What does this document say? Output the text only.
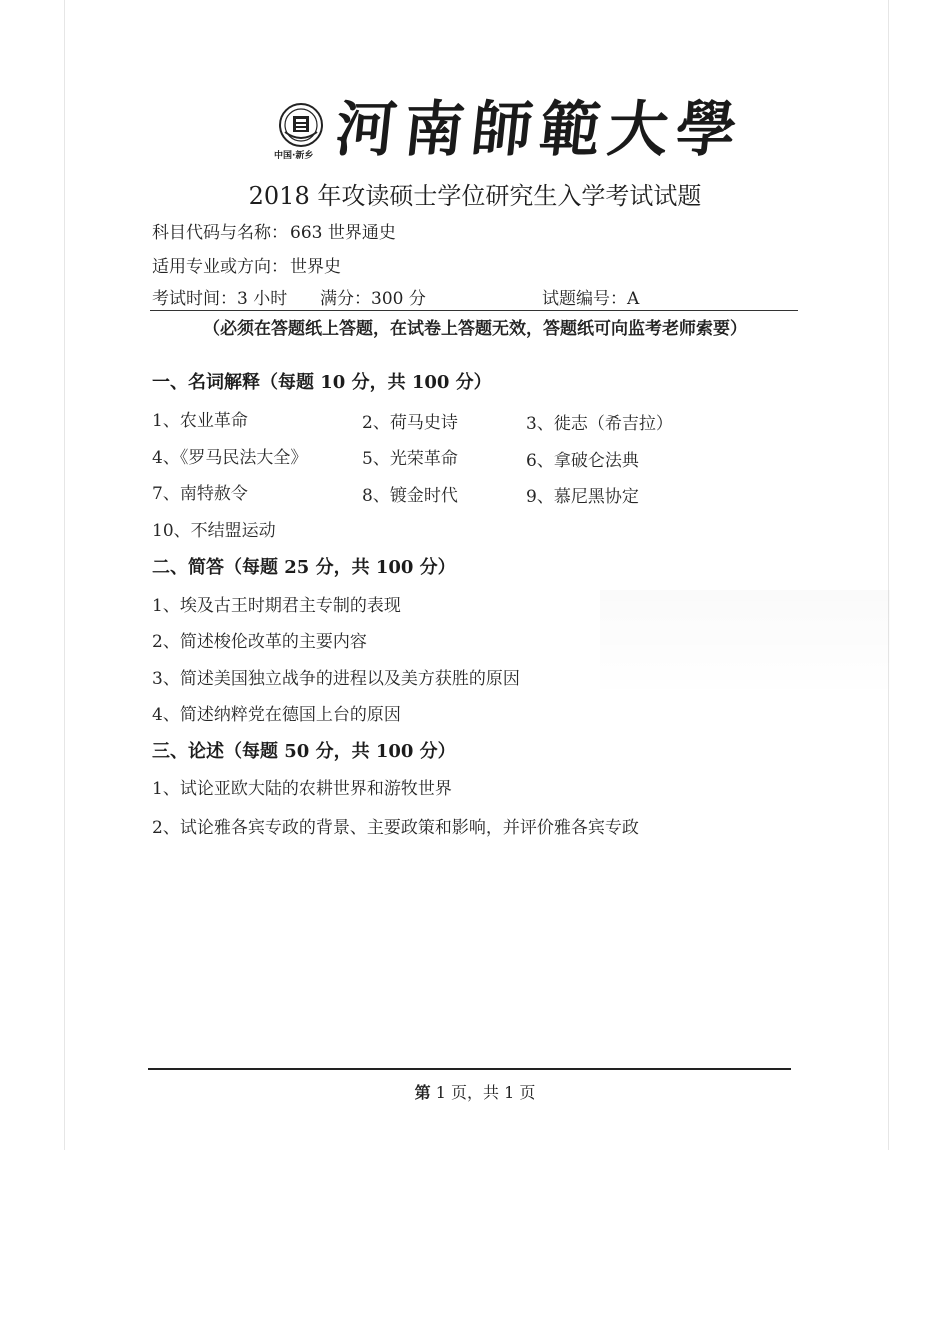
中国·新乡 河南師範大學
2018 年攻读硕士学位研究生入学考试试题
科目代码与名称： 663 世界通史
适用专业或方向： 世界史
考试时间：3 小时 满分：300 分	试题编号：A
（必须在答题纸上答题，在试卷上答题无效，答题纸可向监考老师索要）
一、名词解释（每题 10 分，共 100 分）
1、农业革命	2、荷马史诗	3、徙志（希吉拉）
4、《罗马民法大全》	5、光荣革命	6、拿破仑法典
7、南特赦令	8、镀金时代	9、慕尼黑协定
10、不结盟运动
二、简答（每题 25 分，共 100 分）
1、埃及古王时期君主专制的表现
2、简述梭伦改革的主要内容
3、简述美国独立战争的进程以及美方获胜的原因
4、简述纳粹党在德国上台的原因
三、论述（每题 50 分，共 100 分）
1、试论亚欧大陆的农耕世界和游牧世界
2、试论雅各宾专政的背景、主要政策和影响，并评价雅各宾专政
第 1 页，共 1 页
